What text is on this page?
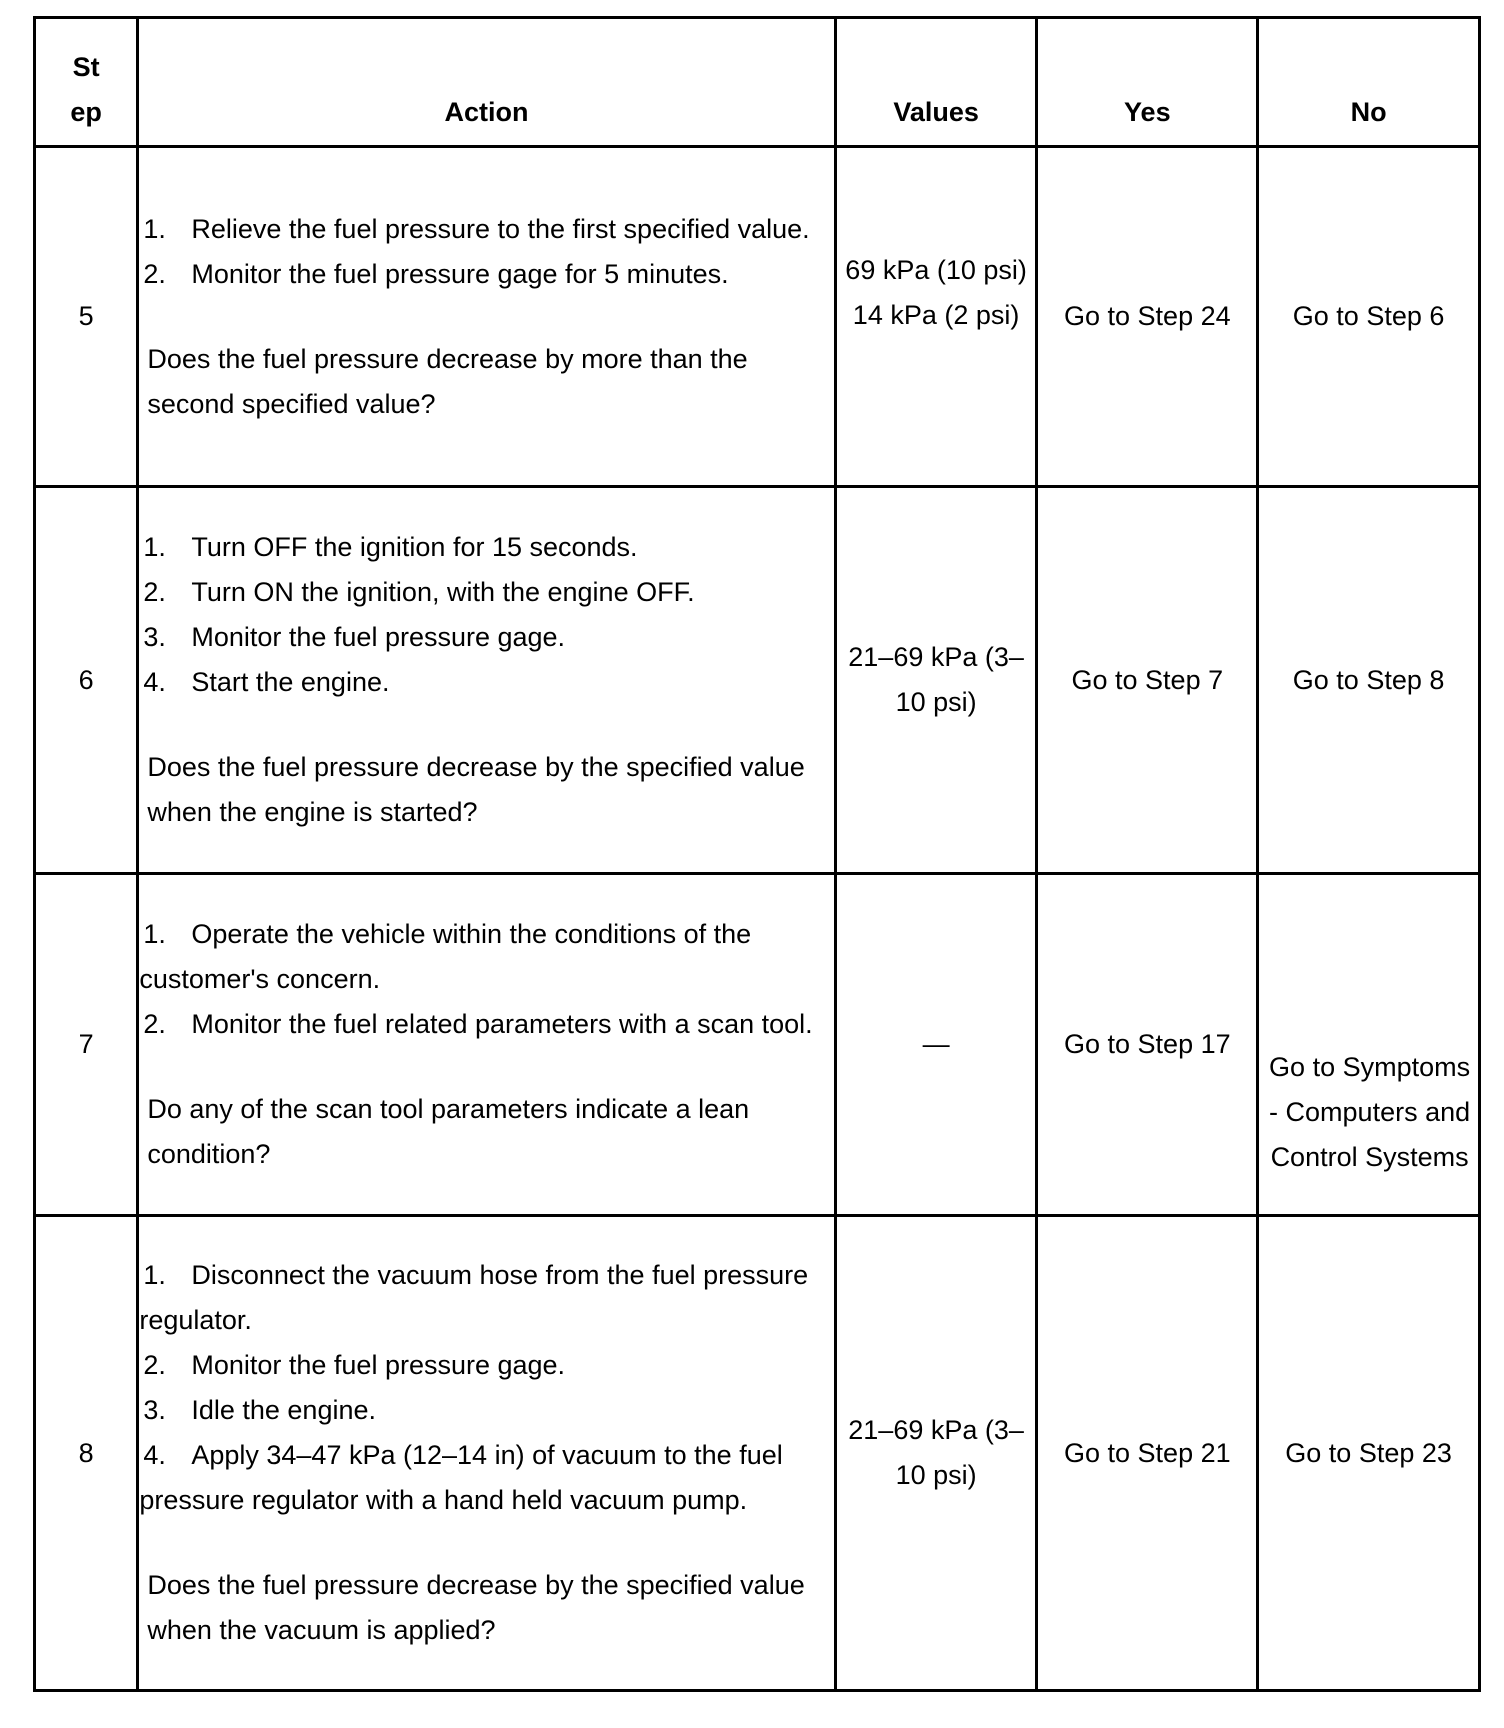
St ep	Action	Values	Yes	No
5	1. Relieve the fuel pressure to the first specified value.
2. Monitor the fuel pressure gage for 5 minutes.
Does the fuel pressure decrease by more than the second specified value?	69 kPa (10 psi) 14 kPa (2 psi)	Go to Step 24	Go to Step 6
6	1. Turn OFF the ignition for 15 seconds.
2. Turn ON the ignition, with the engine OFF.
3. Monitor the fuel pressure gage.
4. Start the engine.
Does the fuel pressure decrease by the specified value when the engine is started?	21–69 kPa (3–10 psi)	Go to Step 7	Go to Step 8
7	1. Operate the vehicle within the conditions of the customer's concern.
2. Monitor the fuel related parameters with a scan tool.
Do any of the scan tool parameters indicate a lean condition?	—	Go to Step 17	Go to Symptoms - Computers and Control Systems
8	1. Disconnect the vacuum hose from the fuel pressure regulator.
2. Monitor the fuel pressure gage.
3. Idle the engine.
4. Apply 34–47 kPa (12–14 in) of vacuum to the fuel pressure regulator with a hand held vacuum pump.
Does the fuel pressure decrease by the specified value when the vacuum is applied?	21–69 kPa (3–10 psi)	Go to Step 21	Go to Step 23
